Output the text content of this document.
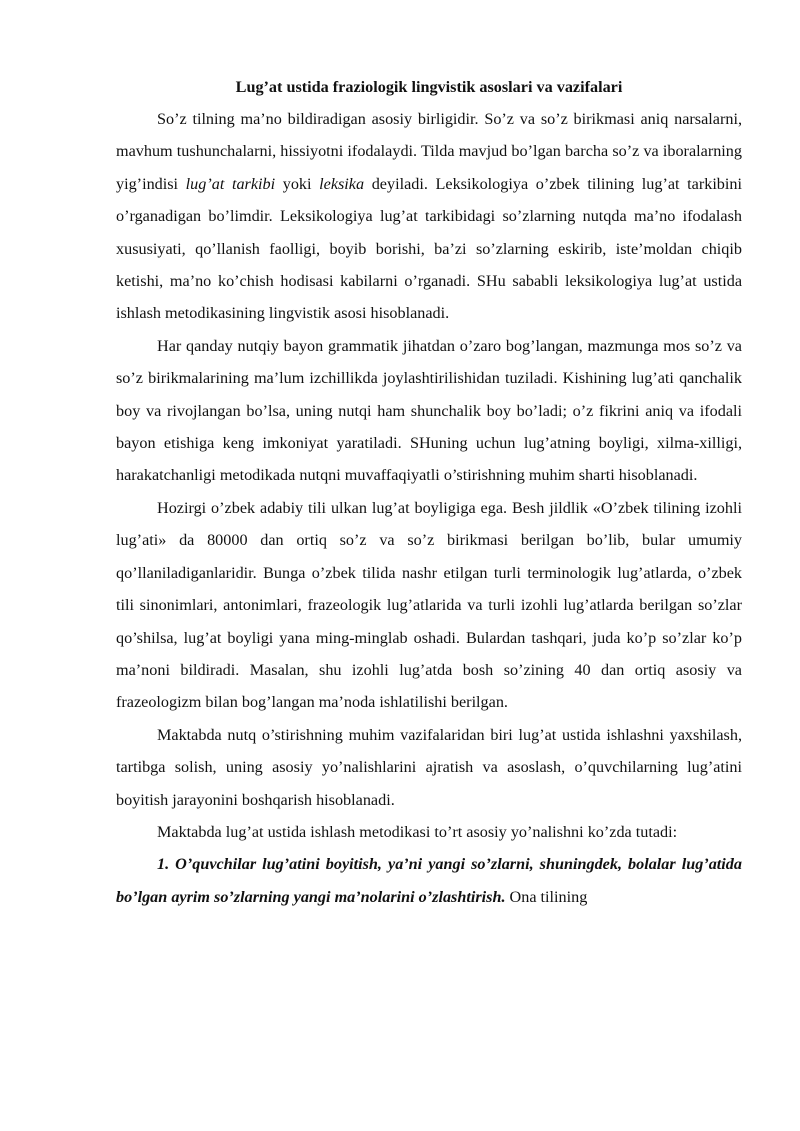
Lug’at ustida fraziologik lingvistik asoslari va vazifalari

So’z tilning ma’no bildiradigan asosiy birligidir. So’z va so’z birikmasi aniq narsalarni, mavhum tushunchalarni, hissiyotni ifodalaydi. Tilda mavjud bo’lgan barcha so’z va iboralarning yig’indisi lug’at tarkibi yoki leksika deyiladi. Leksikologiya o’zbek tilining lug’at tarkibini o’rganadigan bo’limdir. Leksikologiya lug’at tarkibidagi so’zlarning nutqda ma’no ifodalash xususiyati, qo’llanish faolligi, boyib borishi, ba’zi so’zlarning eskirib, iste’moldan chiqib ketishi, ma’no ko’chish hodisasi kabilarni o’rganadi. SHu sababli leksikologiya lug’at ustida ishlash metodikasining lingvistik asosi hisoblanadi.

Har qanday nutqiy bayon grammatik jihatdan o’zaro bog’langan, mazmunga mos so’z va so’z birikmalarining ma’lum izchillikda joylashtirilishidan tuziladi. Kishining lug’ati qanchalik boy va rivojlangan bo’lsa, uning nutqi ham shunchalik boy bo’ladi; o’z fikrini aniq va ifodali bayon etishiga keng imkoniyat yaratiladi. SHuning uchun lug’atning boyligi, xilma-xilligi, harakatchanligi metodikada nutqni muvaffaqiyatli o’stirishning muhim sharti hisoblanadi.

Hozirgi o’zbek adabiy tili ulkan lug’at boyligiga ega. Besh jildlik «O’zbek tilining izohli lug’ati» da 80000 dan ortiq so’z va so’z birikmasi berilgan bo’lib, bular umumiy qo’llaniladiganlaridir. Bunga o’zbek tilida nashr etilgan turli terminologik lug’atlarda, o’zbek tili sinonimlari, antonimlari, frazeologik lug’atlarida va turli izohli lug’atlarda berilgan so’zlar qo’shilsa, lug’at boyligi yana ming-minglab oshadi. Bulardan tashqari, juda ko’p so’zlar ko’p ma’noni bildiradi. Masalan, shu izohli lug’atda bosh so’zining 40 dan ortiq asosiy va frazeologizm bilan bog’langan ma’noda ishlatilishi berilgan.

Maktabda nutq o’stirishning muhim vazifalaridan biri lug’at ustida ishlashni yaxshilash, tartibga solish, uning asosiy yo’nalishlarini ajratish va asoslash, o’quvchilarning lug’atini boyitish jarayonini boshqarish hisoblanadi.

Maktabda lug’at ustida ishlash metodikasi to’rt asosiy yo’nalishni ko’zda tutadi:

1. O’quvchilar lug’atini boyitish, ya’ni yangi so’zlarni, shuningdek, bolalar lug’atida bo’lgan ayrim so’zlarning yangi ma’nolarini o’zlashtirish. Ona tilining
